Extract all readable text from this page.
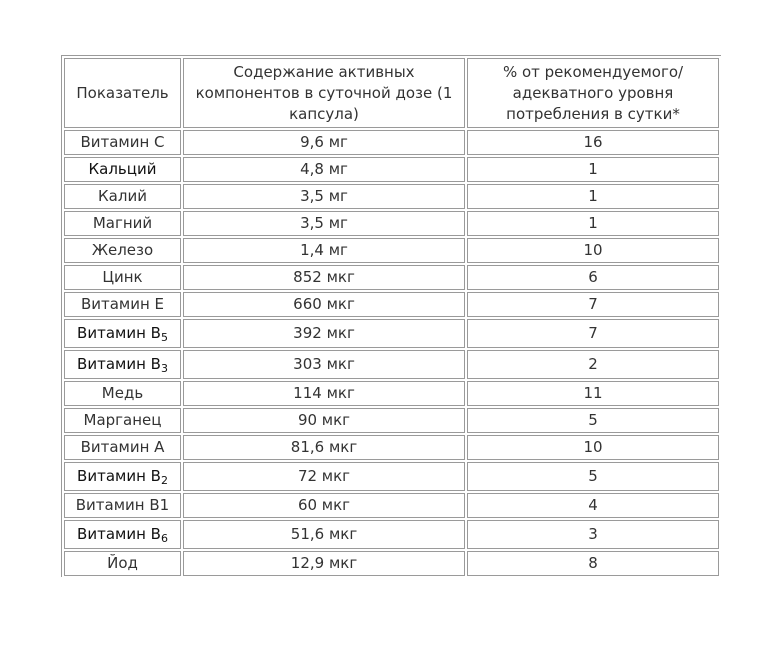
Показатель	Содержание активных компонентов в суточной дозе (1 капсула)	% от рекомендуемого/ адекватного уровня потребления в сутки*
Витамин С	9,6 мг	16
Кальций	4,8 мг	1
Калий	3,5 мг	1
Магний	3,5 мг	1
Железо	1,4 мг	10
Цинк	852 мкг	6
Витамин Е	660 мкг	7
Витамин $В_5$	392 мкг	7
Витамин $В_3$	303 мкг	2
Медь	114 мкг	11
Марганец	90 мкг	5
Витамин А	81,6 мкг	10
Витамин $В_2$	72 мкг	5
Витамин В1	60 мкг	4
Витамин $В_6$	51,6 мкг	3
Йод	12,9 мкг	8
